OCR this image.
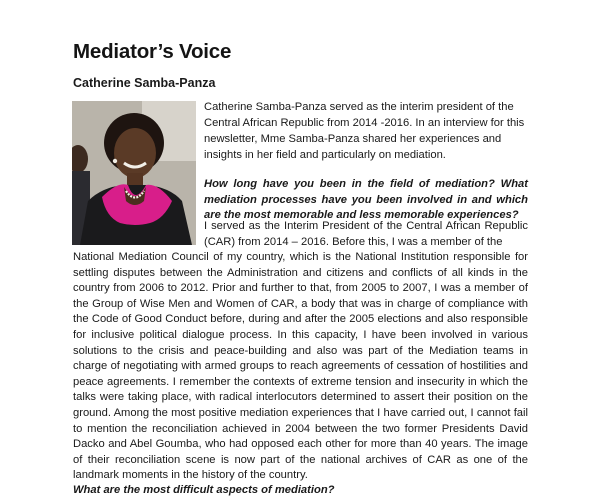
Mediator’s Voice
Catherine Samba-Panza

Catherine Samba-Panza served as the interim president of the Central African Republic from 2014 -2016. In an interview for this newsletter, Mme Samba-Panza shared her experiences and insights in her field and particularly on mediation.

How long have you been in the field of mediation? What mediation processes have you been involved in and which are the most memorable and less memorable experiences?

I served as the Interim President of the Central African Republic (CAR) from 2014 – 2016. Before this, I was a member of the

National Mediation Council of my country, which is the National Institution responsible for settling disputes between the Administration and citizens and conflicts of all kinds in the country from 2006 to 2012. Prior and further to that, from 2005 to 2007, I was a member of the Group of Wise Men and Women of CAR, a body that was in charge of compliance with the Code of Good Conduct before, during and after the 2005 elections and also responsible for inclusive political dialogue process. In this capacity, I have been involved in various solutions to the crisis and peace-building and also was part of the Mediation teams in charge of negotiating with armed groups to reach agreements of cessation of hostilities and peace agreements. I remember the contexts of extreme tension and insecurity in which the talks were taking place, with radical interlocutors determined to assert their position on the ground. Among the most positive mediation experiences that I have carried out, I cannot fail to mention the reconciliation achieved in 2004 between the two former Presidents David Dacko and Abel Goumba, who had opposed each other for more than 40 years. The image of their reconciliation scene is now part of the national archives of CAR as one of the landmark moments in the history of the country.

What are the most difficult aspects of mediation?
